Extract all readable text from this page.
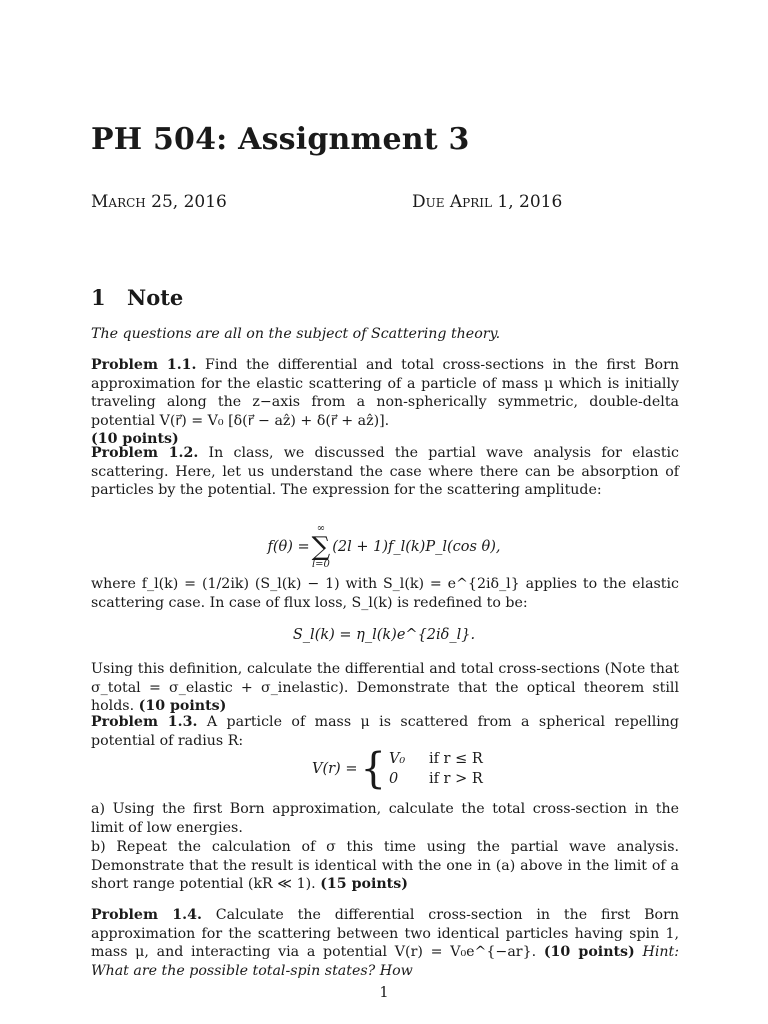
PH 504: Assignment 3

March 25, 2016	Due April 1, 2016

1 Note

The questions are all on the subject of Scattering theory.

Problem 1.1. Find the differential and total cross-sections in the first Born approximation for the elastic scattering of a particle of mass μ which is initially traveling along the z−axis from a non-spherically symmetric, double-delta potential V(r⃗) = V₀ [δ(r⃗ − aẑ) + δ(r⃗ + aẑ)].
(10 points)

Problem 1.2. In class, we discussed the partial wave analysis for elastic scattering. Here, let us understand the case where there can be absorption of particles by the potential. The expression for the scattering amplitude:

f(θ) =
∞
∑
l=0
(2l + 1)f_l(k)P_l(cos θ),

where f_l(k) = (1/2ik) (S_l(k) − 1) with S_l(k) = e^{2iδ_l} applies to the elastic scattering case. In case of flux loss, S_l(k) is redefined to be:

S_l(k) = η_l(k)e^{2iδ_l}.

Using this definition, calculate the differential and total cross-sections (Note that σ_total = σ_elastic + σ_inelastic). Demonstrate that the optical theorem still holds. (10 points)

Problem 1.3. A particle of mass μ is scattered from a spherical repelling potential of radius R:

V(r) = { V₀	if r ≤ R
0	if r > R

a) Using the first Born approximation, calculate the total cross-section in the limit of low energies.

b) Repeat the calculation of σ this time using the partial wave analysis. Demonstrate that the result is identical with the one in (a) above in the limit of a short range potential (kR ≪ 1). (15 points)

Problem 1.4. Calculate the differential cross-section in the first Born approximation for the scattering between two identical particles having spin 1, mass μ, and interacting via a potential V(r) = V₀e^{−ar}. (10 points) Hint: What are the possible total-spin states? How

1
